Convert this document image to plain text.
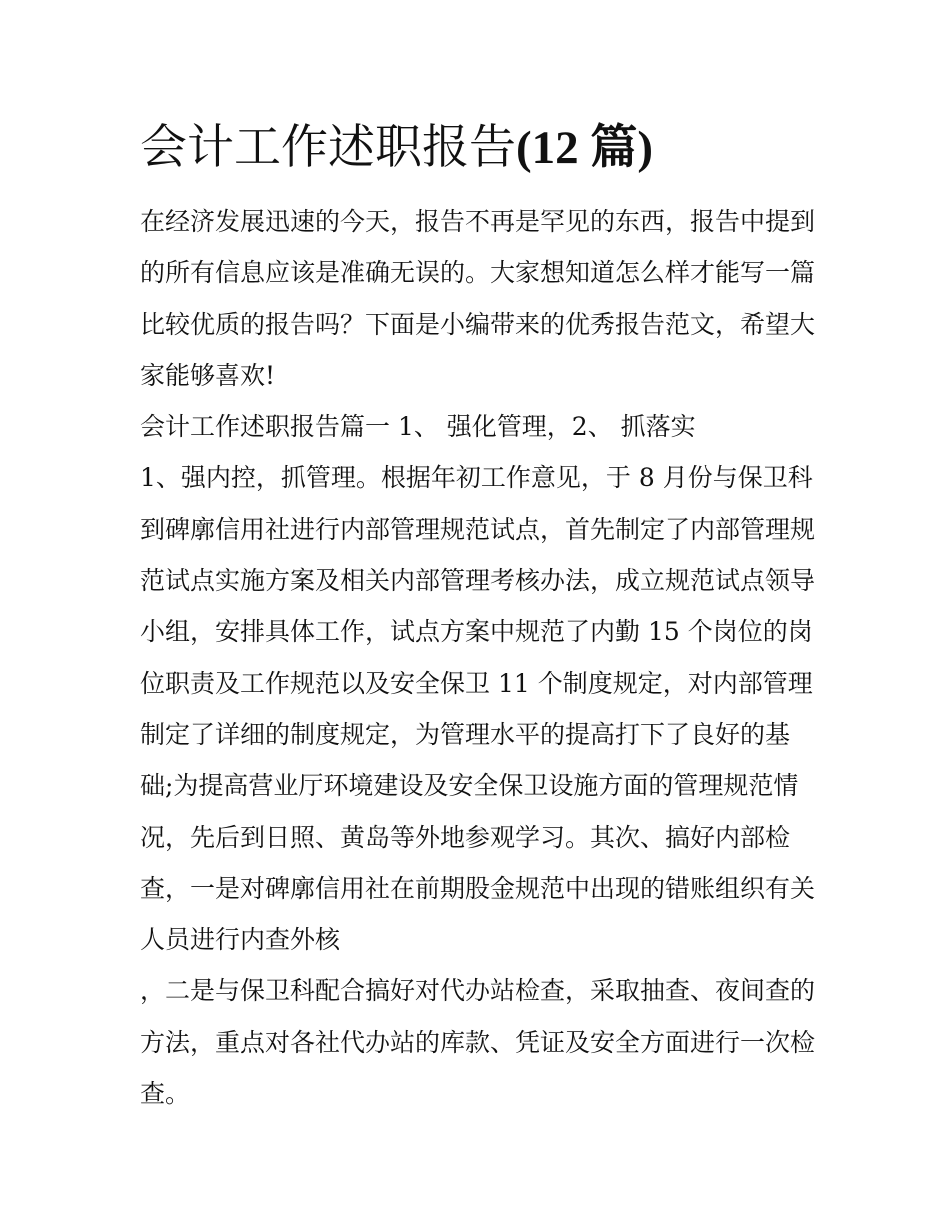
会计工作述职报告(12 篇)

在经济发展迅速的今天，报告不再是罕见的东西，报告中提到

的所有信息应该是准确无误的。大家想知道怎么样才能写一篇

比较优质的报告吗？下面是小编带来的优秀报告范文，希望大

家能够喜欢!

会计工作述职报告篇一 1、 强化管理，2、 抓落实

1、强内控，抓管理。根据年初工作意见，于 8 月份与保卫科

到碑廓信用社进行内部管理规范试点，首先制定了内部管理规

范试点实施方案及相关内部管理考核办法，成立规范试点领导

小组，安排具体工作，试点方案中规范了内勤 15 个岗位的岗

位职责及工作规范以及安全保卫 11 个制度规定，对内部管理

制定了详细的制度规定，为管理水平的提高打下了良好的基

础;为提高营业厅环境建设及安全保卫设施方面的管理规范情

况，先后到日照、黄岛等外地参观学习。其次、搞好内部检

查，一是对碑廓信用社在前期股金规范中出现的错账组织有关

人员进行内查外核

，二是与保卫科配合搞好对代办站检查，采取抽查、夜间查的

方法，重点对各社代办站的库款、凭证及安全方面进行一次检

查。
